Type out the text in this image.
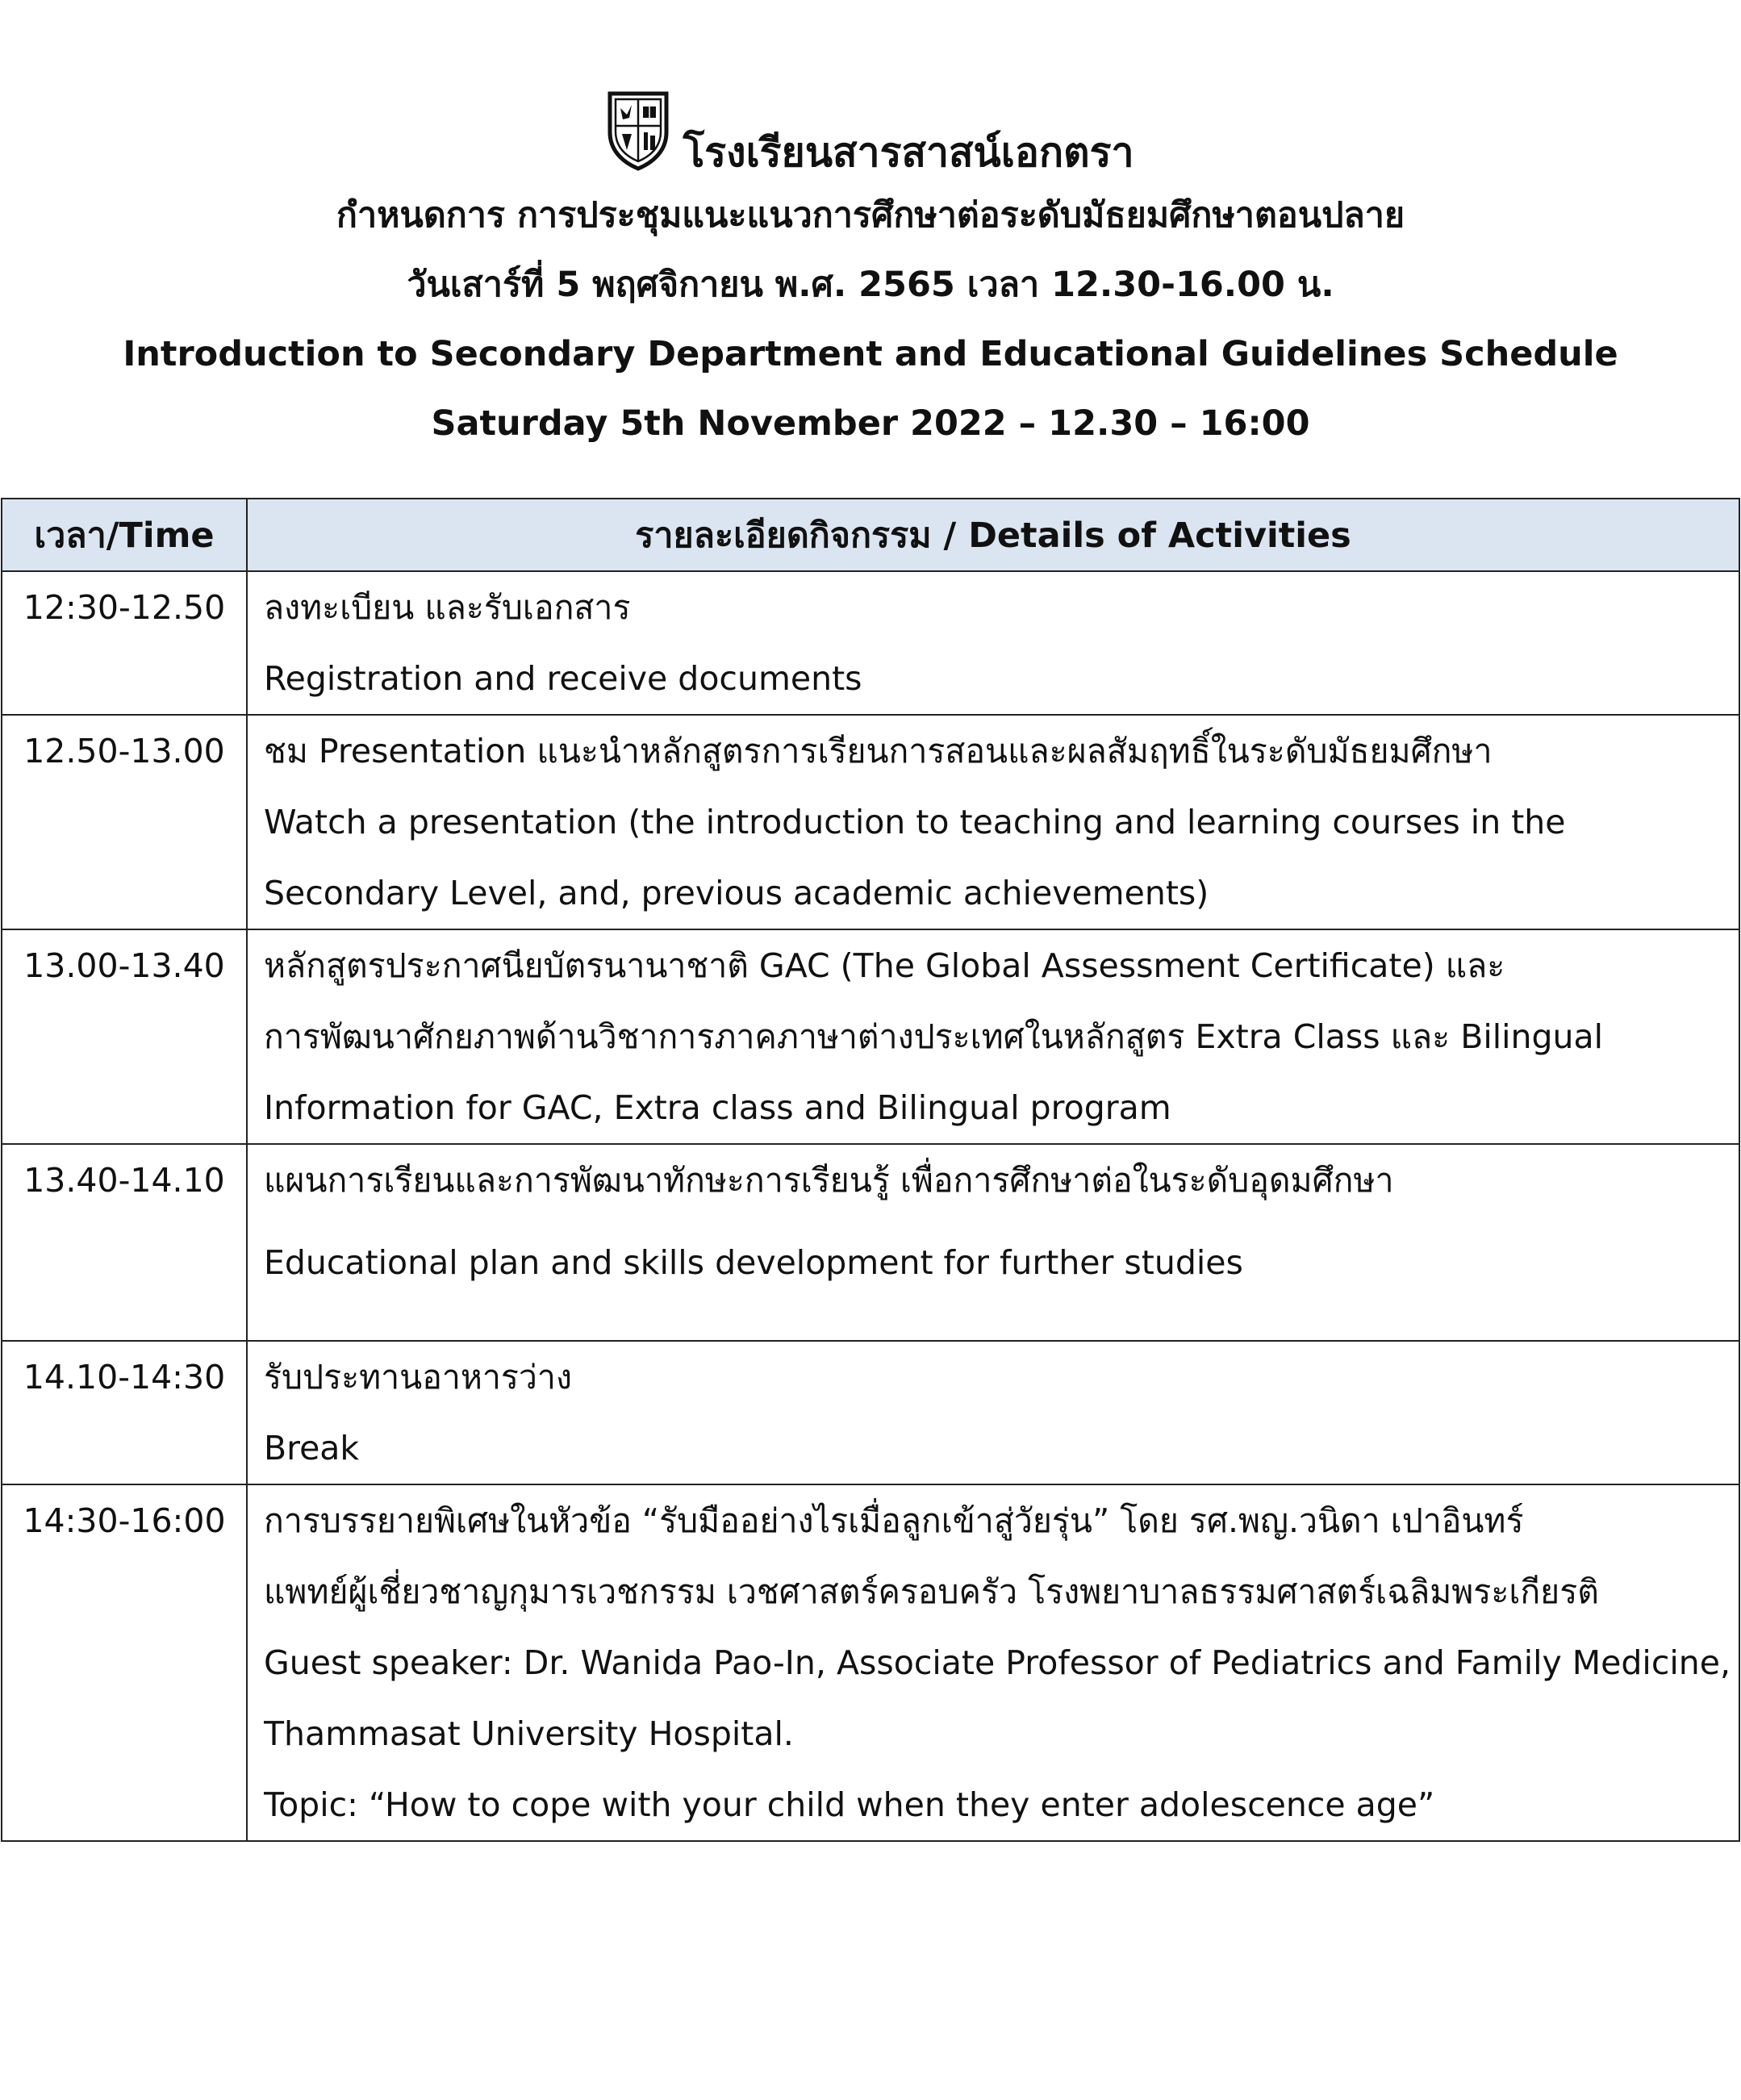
โรงเรียนสารสาสน์เอกตรา
กำหนดการ การประชุมแนะแนวการศึกษาต่อระดับมัธยมศึกษาตอนปลาย
วันเสาร์ที่ 5 พฤศจิกายน พ.ศ. 2565 เวลา 12.30-16.00 น.
Introduction to Secondary Department and Educational Guidelines Schedule
Saturday 5th November 2022 – 12.30 – 16:00
เวลา/Time	รายละเอียดกิจกรรม / Details of Activities
12:30-12.50	ลงทะเบียน และรับเอกสาร
Registration and receive documents

12.50-13.00	ชม Presentation แนะนำหลักสูตรการเรียนการสอนและผลสัมฤทธิ์ในระดับมัธยมศึกษา
Watch a presentation (the introduction to teaching and learning courses in the
Secondary Level, and, previous academic achievements)

13.00-13.40	หลักสูตรประกาศนียบัตรนานาชาติ GAC (The Global Assessment Certificate) และ
การพัฒนาศักยภาพด้านวิชาการภาคภาษาต่างประเทศในหลักสูตร Extra Class และ Bilingual
Information for GAC, Extra class and Bilingual program

13.40-14.10	แผนการเรียนและการพัฒนาทักษะการเรียนรู้ เพื่อการศึกษาต่อในระดับอุดมศึกษา
Educational plan and skills development for further studies

14.10-14:30	รับประทานอาหารว่าง
Break

14:30-16:00	การบรรยายพิเศษในหัวข้อ “รับมืออย่างไรเมื่อลูกเข้าสู่วัยรุ่น” โดย รศ.พญ.วนิดา เปาอินทร์
แพทย์ผู้เชี่ยวชาญกุมารเวชกรรม เวชศาสตร์ครอบครัว โรงพยาบาลธรรมศาสตร์เฉลิมพระเกียรติ
Guest speaker: Dr. Wanida Pao-In, Associate Professor of Pediatrics and Family Medicine,
Thammasat University Hospital.
Topic: “How to cope with your child when they enter adolescence age”
